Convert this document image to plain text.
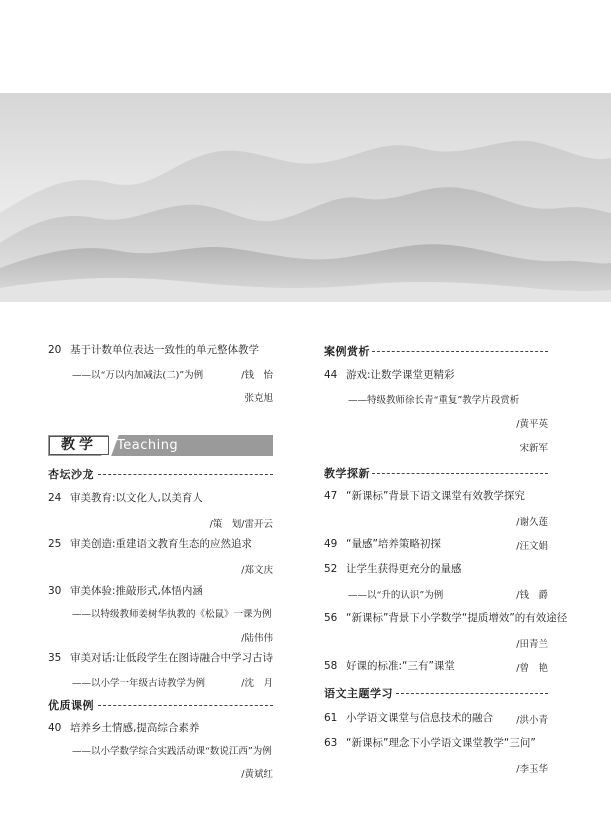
20 基于计数单位表达一致性的单元整体教学
——以“万以内加减法(二)”为例	/钱　怡
张克旭
教学	Teaching
杏坛沙龙
24 审美教育:以文化人,以美育人
/策　划/雷开云
25 审美创造:重建语文教育生态的应然追求
/郑文庆
30 审美体验:推敲形式,体悟内涵
——以特级教师姜树华执教的《松鼠》一课为例
/陆伟伟
35 审美对话:让低段学生在图诗融合中学习古诗
——以小学一年级古诗教学为例	/沈　月
优质课例
40 培养乡土情感,提高综合素养
——以小学数学综合实践活动课“数说江西”为例
/黄斌红
案例赏析
44 游戏:让数学课堂更精彩
——特级教师徐长青“重复”教学片段赏析
/黄平英
宋新军
教学探新
47 “新课标”背景下语文课堂有效教学探究
/谢久莲
49 “量感”培养策略初探	/汪文娟
52 让学生获得更充分的量感
——以“升的认识”为例	/钱　爵
56 “新课标”背景下小学数学“提质增效”的有效途径
/田青兰
58 好课的标准:“三有”课堂	/曾　艳
语文主题学习
61 小学语文课堂与信息技术的融合	/洪小青
63 “新课标”理念下小学语文课堂教学“三问”
/李玉华
